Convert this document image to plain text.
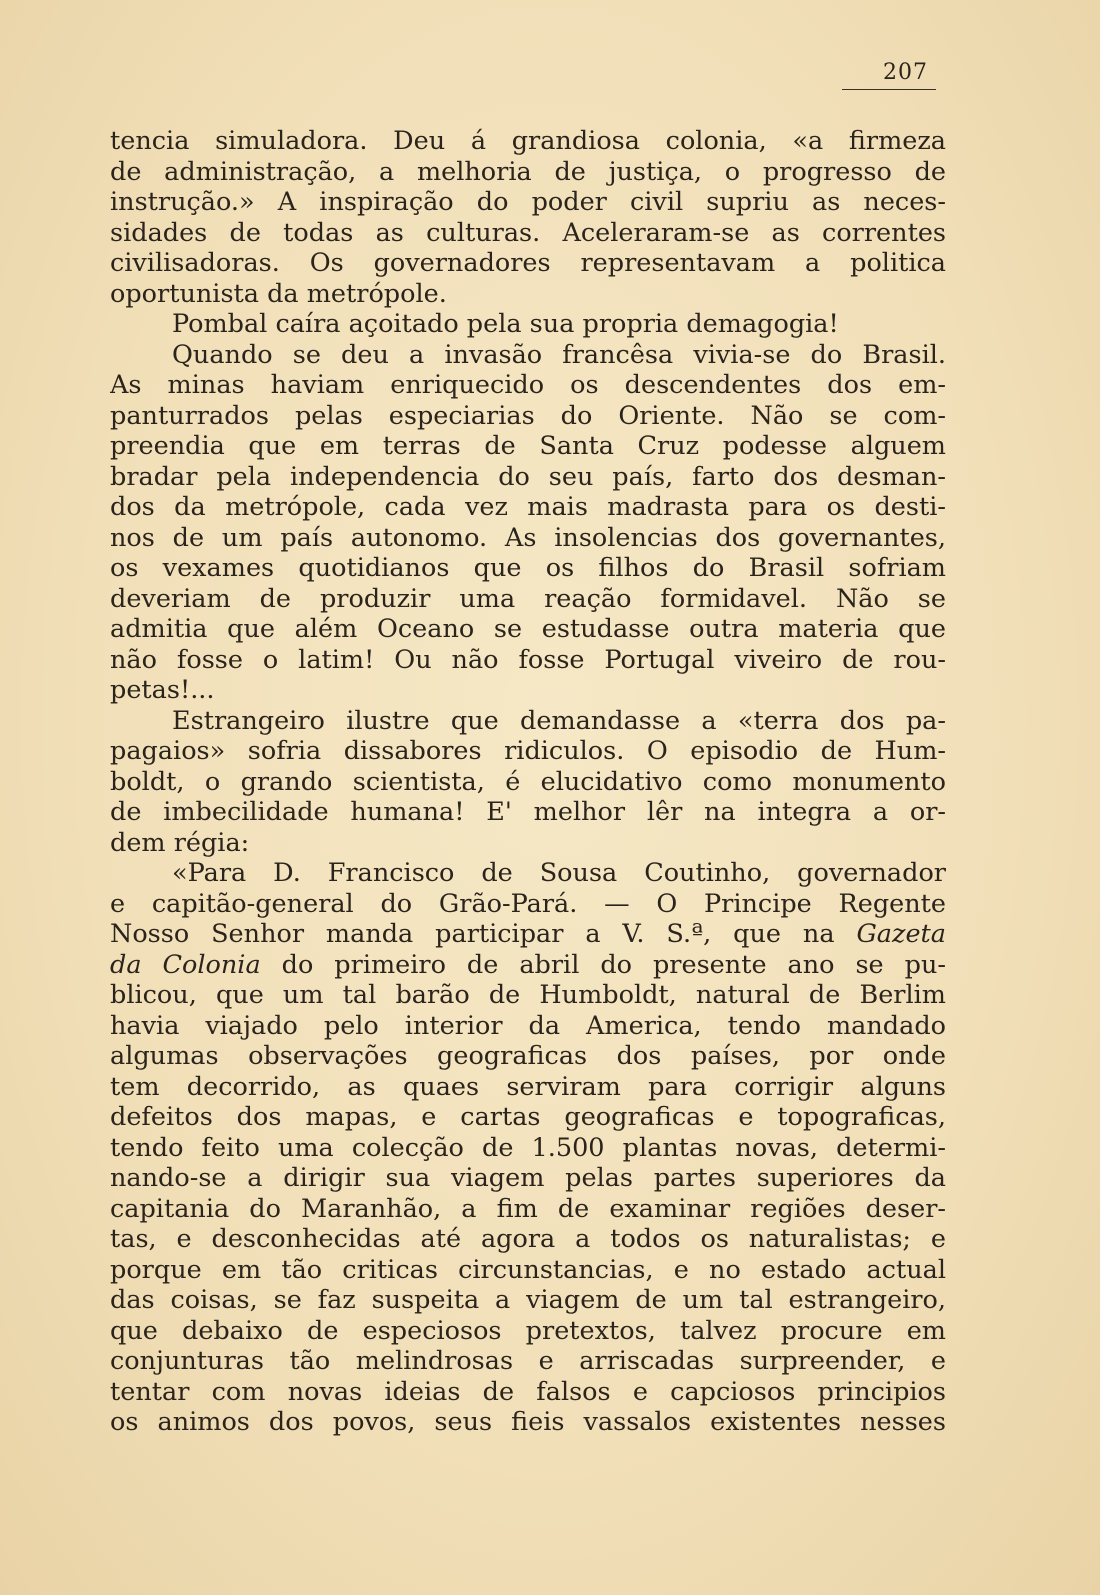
207
tencia simuladora. Deu á grandiosa colonia, «a firmeza
de administração, a melhoria de justiça, o progresso de
instrução.» A inspiração do poder civil supriu as neces-
sidades de todas as culturas. Aceleraram-se as correntes
civilisadoras. Os governadores representavam a politica
oportunista da metrópole.
Pombal caíra açoitado pela sua propria demagogia!
Quando se deu a invasão francêsa vivia-se do Brasil.
As minas haviam enriquecido os descendentes dos em-
panturrados pelas especiarias do Oriente. Não se com-
preendia que em terras de Santa Cruz podesse alguem
bradar pela independencia do seu país, farto dos desman-
dos da metrópole, cada vez mais madrasta para os desti-
nos de um país autonomo. As insolencias dos governantes,
os vexames quotidianos que os filhos do Brasil sofriam
deveriam de produzir uma reação formidavel. Não se
admitia que além Oceano se estudasse outra materia que
não fosse o latim! Ou não fosse Portugal viveiro de rou-
petas!...
Estrangeiro ilustre que demandasse a «terra dos pa-
pagaios» sofria dissabores ridiculos. O episodio de Hum-
boldt, o grando scientista, é elucidativo como monumento
de imbecilidade humana! E' melhor lêr na integra a or-
dem régia:
«Para D. Francisco de Sousa Coutinho, governador
e capitão-general do Grão-Pará. — O Principe Regente
Nosso Senhor manda participar a V. S.ª, que na Gazeta
da Colonia do primeiro de abril do presente ano se pu-
blicou, que um tal barão de Humboldt, natural de Berlim
havia viajado pelo interior da America, tendo mandado
algumas observações geograficas dos países, por onde
tem decorrido, as quaes serviram para corrigir alguns
defeitos dos mapas, e cartas geograficas e topograficas,
tendo feito uma colecção de 1.500 plantas novas, determi-
nando-se a dirigir sua viagem pelas partes superiores da
capitania do Maranhão, a fim de examinar regiões deser-
tas, e desconhecidas até agora a todos os naturalistas; e
porque em tão criticas circunstancias, e no estado actual
das coisas, se faz suspeita a viagem de um tal estrangeiro,
que debaixo de especiosos pretextos, talvez procure em
conjunturas tão melindrosas e arriscadas surpreender, e
tentar com novas ideias de falsos e capciosos principios
os animos dos povos, seus fieis vassalos existentes nesses
